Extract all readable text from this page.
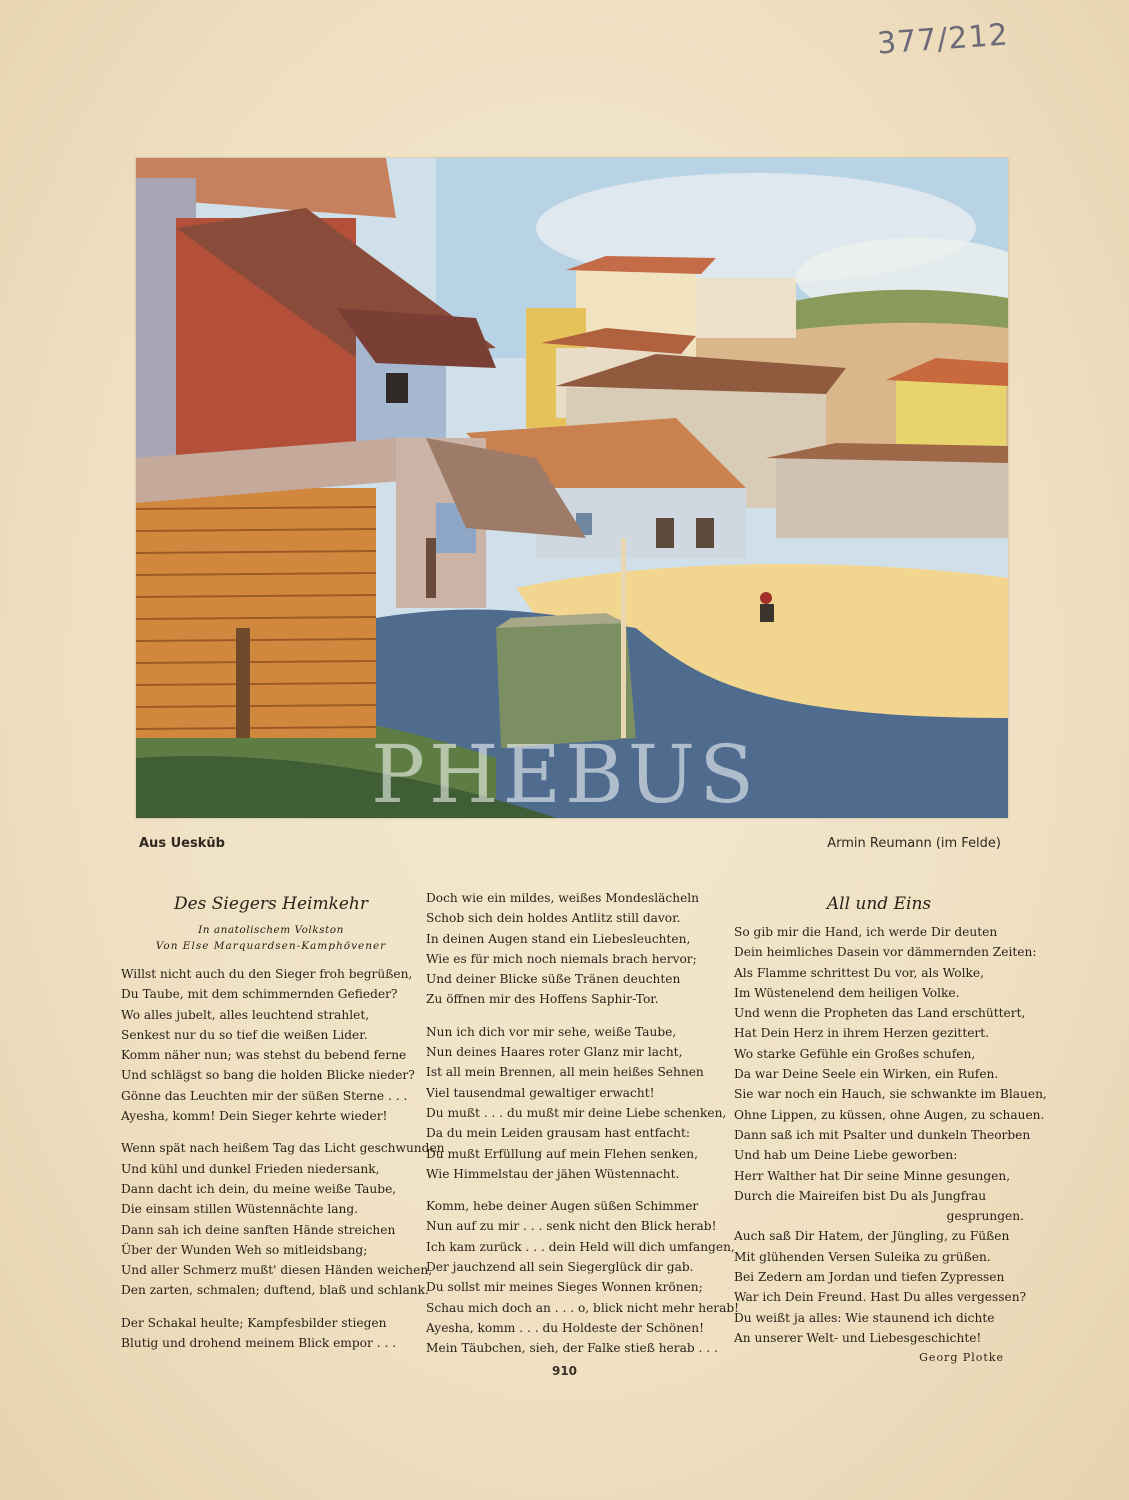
377/212
PHEBUS
Aus Ueskūb	Armin Reumann (im Felde)
Des Siegers Heimkehr
In anatolischem Volkston
Von Else Marquardsen-Kamphövener
Willst nicht auch du den Sieger froh begrüßen,
Du Taube, mit dem schimmernden Gefieder?
Wo alles jubelt, alles leuchtend strahlet,
Senkest nur du so tief die weißen Lider.
Komm näher nun; was stehst du bebend ferne
Und schlägst so bang die holden Blicke nieder?
Gönne das Leuchten mir der süßen Sterne . . .
Ayesha, komm! Dein Sieger kehrte wieder!
Wenn spät nach heißem Tag das Licht geschwunden
Und kühl und dunkel Frieden niedersank,
Dann dacht ich dein, du meine weiße Taube,
Die einsam stillen Wüstennächte lang.
Dann sah ich deine sanften Hände streichen
Über der Wunden Weh so mitleidsbang;
Und aller Schmerz mußt' diesen Händen weichen,
Den zarten, schmalen; duftend, blaß und schlank.
Der Schakal heulte; Kampfesbilder stiegen
Blutig und drohend meinem Blick empor . . .
Doch wie ein mildes, weißes Mondeslächeln
Schob sich dein holdes Antlitz still davor.
In deinen Augen stand ein Liebesleuchten,
Wie es für mich noch niemals brach hervor;
Und deiner Blicke süße Tränen deuchten
Zu öffnen mir des Hoffens Saphir-Tor.
Nun ich dich vor mir sehe, weiße Taube,
Nun deines Haares roter Glanz mir lacht,
Ist all mein Brennen, all mein heißes Sehnen
Viel tausendmal gewaltiger erwacht!
Du mußt . . . du mußt mir deine Liebe schenken,
Da du mein Leiden grausam hast entfacht:
Du mußt Erfüllung auf mein Flehen senken,
Wie Himmelstau der jähen Wüstennacht.
Komm, hebe deiner Augen süßen Schimmer
Nun auf zu mir . . . senk nicht den Blick herab!
Ich kam zurück . . . dein Held will dich umfangen,
Der jauchzend all sein Siegerglück dir gab.
Du sollst mir meines Sieges Wonnen krönen;
Schau mich doch an . . . o, blick nicht mehr herab!
Ayesha, komm . . . du Holdeste der Schönen!
Mein Täubchen, sieh, der Falke stieß herab . . .
All und Eins
So gib mir die Hand, ich werde Dir deuten
Dein heimliches Dasein vor dämmernden Zeiten:
Als Flamme schrittest Du vor, als Wolke,
Im Wüstenelend dem heiligen Volke.
Und wenn die Propheten das Land erschüttert,
Hat Dein Herz in ihrem Herzen gezittert.
Wo starke Gefühle ein Großes schufen,
Da war Deine Seele ein Wirken, ein Rufen.
Sie war noch ein Hauch, sie schwankte im Blauen,
Ohne Lippen, zu küssen, ohne Augen, zu schauen.
Dann saß ich mit Psalter und dunkeln Theorben
Und hab um Deine Liebe geworben:
Herr Walther hat Dir seine Minne gesungen,
Durch die Maireifen bist Du als Jungfrau
gesprungen.
Auch saß Dir Hatem, der Jüngling, zu Füßen
Mit glühenden Versen Suleika zu grüßen.
Bei Zedern am Jordan und tiefen Zypressen
War ich Dein Freund. Hast Du alles vergessen?
Du weißt ja alles: Wie staunend ich dichte
An unserer Welt- und Liebesgeschichte!
Georg Plotke
910
